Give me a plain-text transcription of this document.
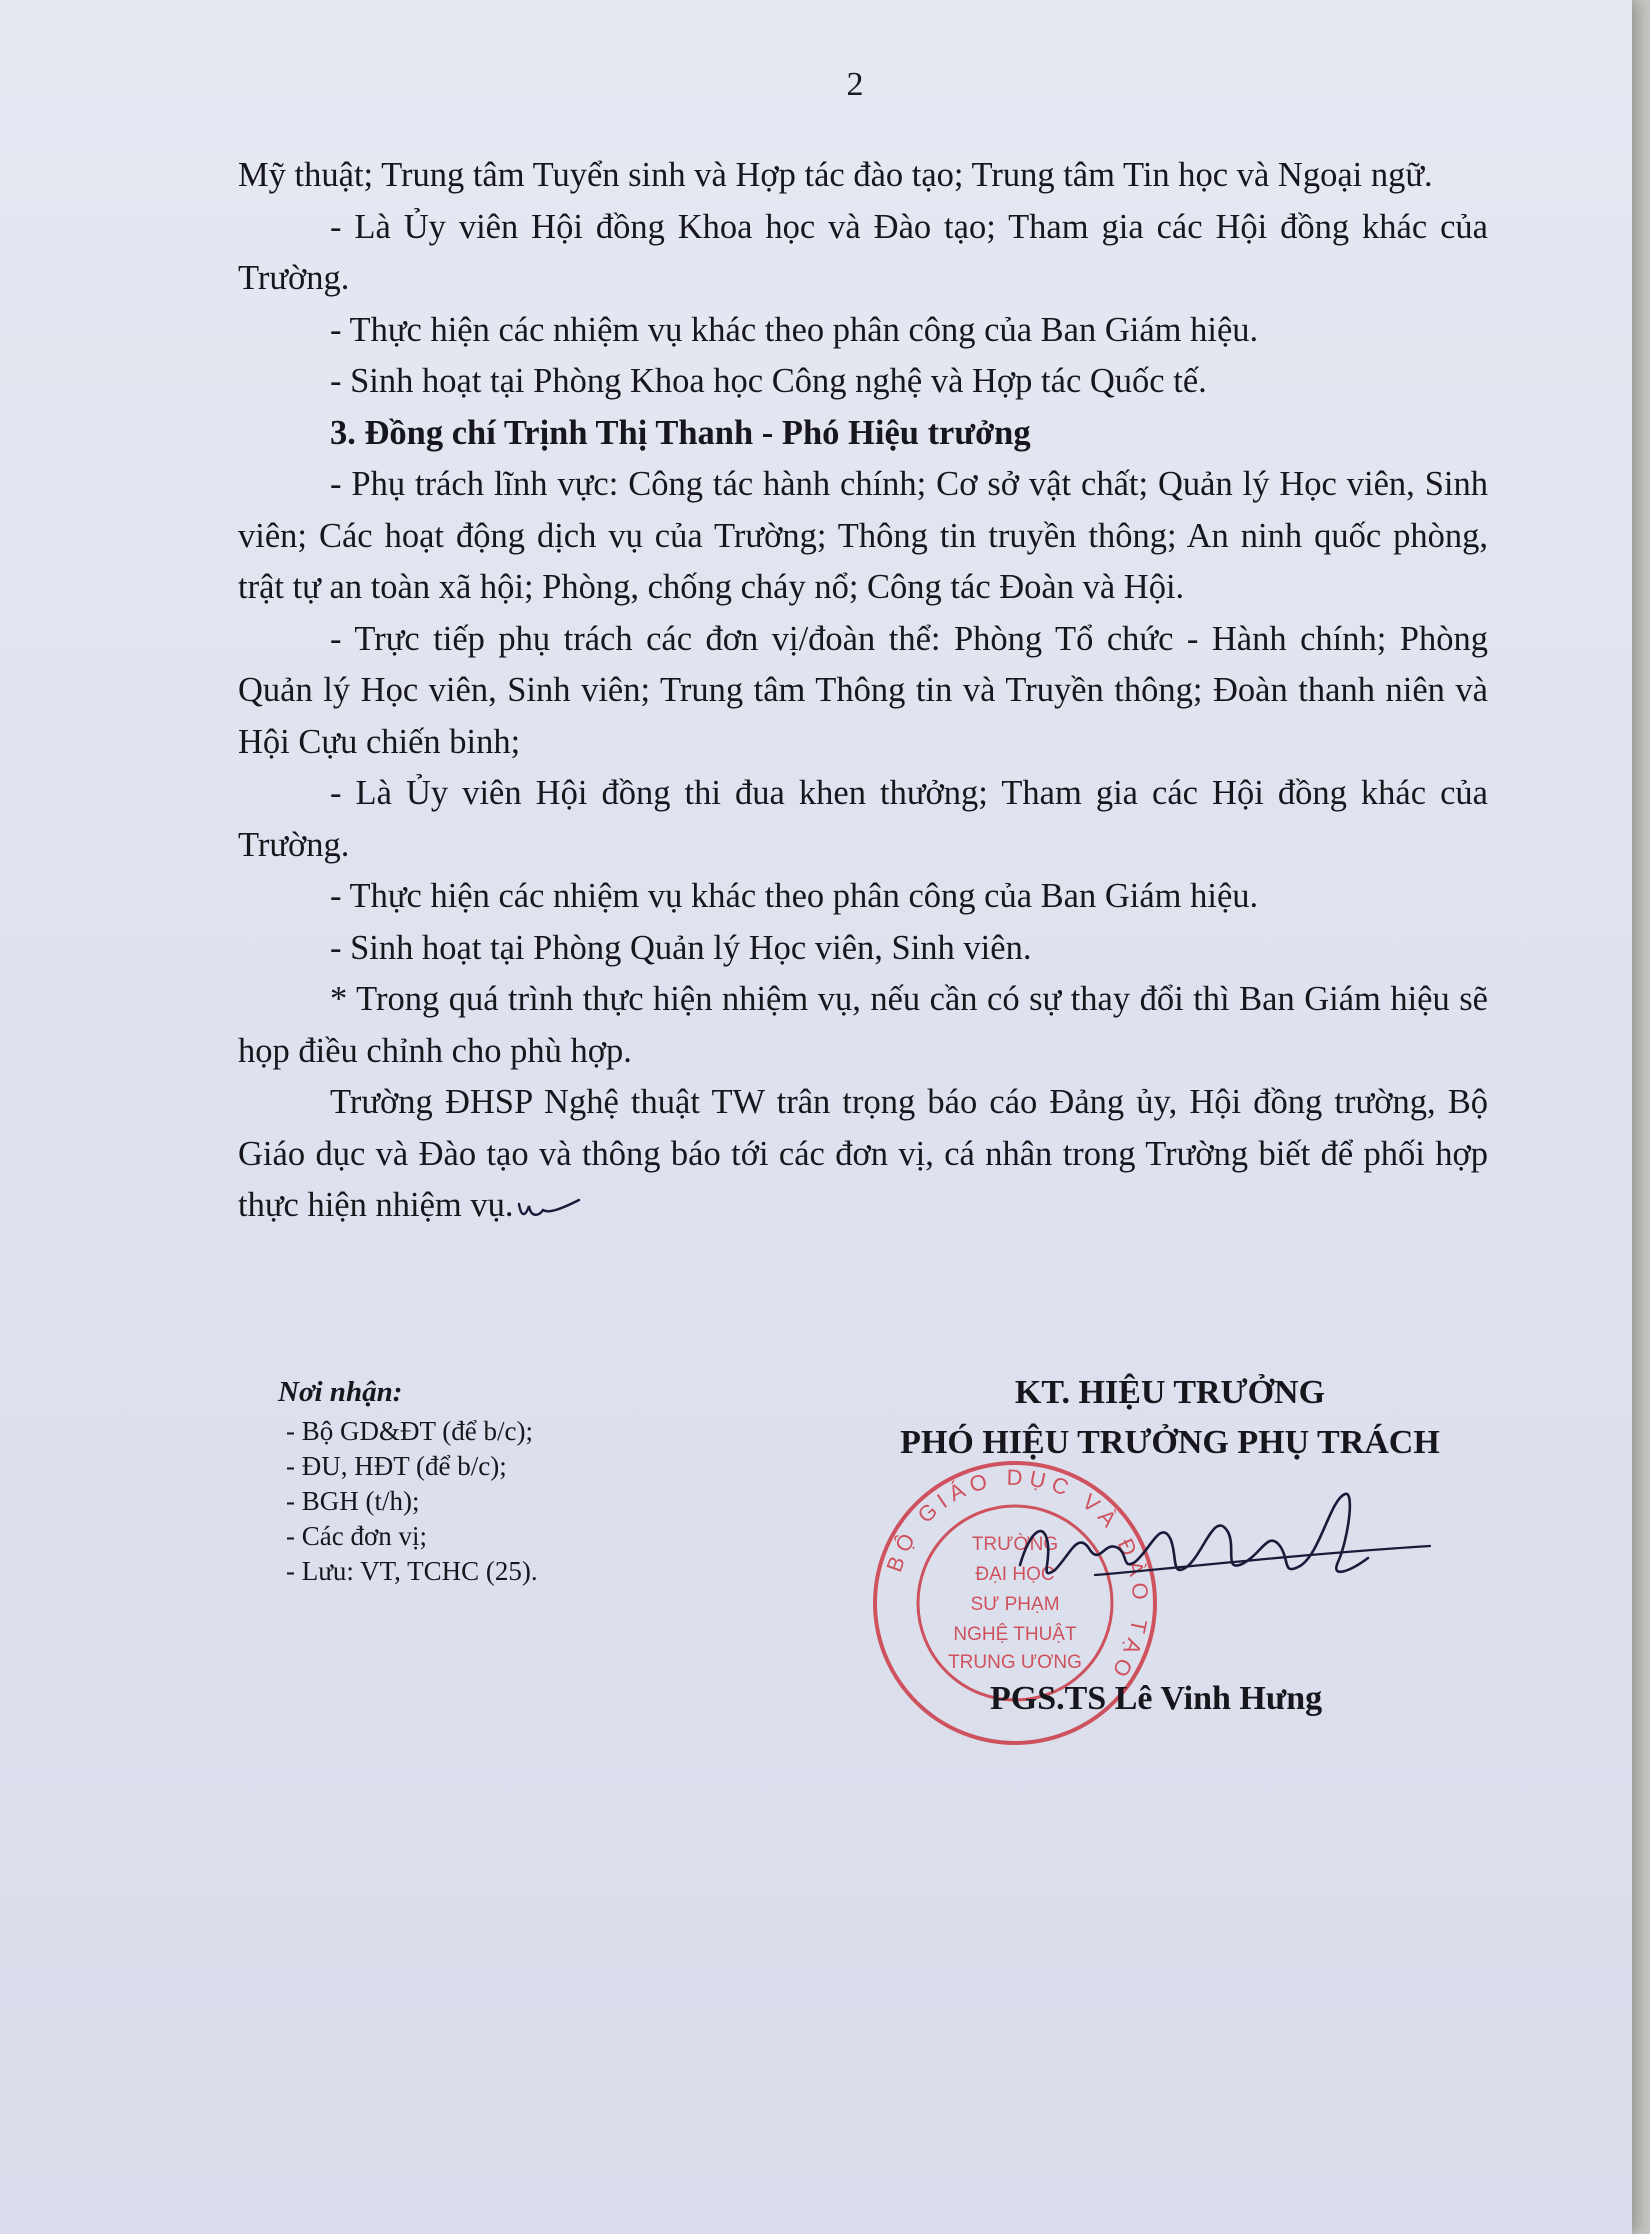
2

Mỹ thuật; Trung tâm Tuyển sinh và Hợp tác đào tạo; Trung tâm Tin học và Ngoại ngữ.

- Là Ủy viên Hội đồng Khoa học và Đào tạo; Tham gia các Hội đồng khác của Trường.

- Thực hiện các nhiệm vụ khác theo phân công của Ban Giám hiệu.

- Sinh hoạt tại Phòng Khoa học Công nghệ và Hợp tác Quốc tế.

3. Đồng chí Trịnh Thị Thanh - Phó Hiệu trưởng

- Phụ trách lĩnh vực: Công tác hành chính; Cơ sở vật chất; Quản lý Học viên, Sinh viên; Các hoạt động dịch vụ của Trường; Thông tin truyền thông; An ninh quốc phòng, trật tự an toàn xã hội; Phòng, chống cháy nổ; Công tác Đoàn và Hội.

- Trực tiếp phụ trách các đơn vị/đoàn thể: Phòng Tổ chức - Hành chính; Phòng Quản lý Học viên, Sinh viên; Trung tâm Thông tin và Truyền thông; Đoàn thanh niên và Hội Cựu chiến binh;

- Là Ủy viên Hội đồng thi đua khen thưởng; Tham gia các Hội đồng khác của Trường.

- Thực hiện các nhiệm vụ khác theo phân công của Ban Giám hiệu.

- Sinh hoạt tại Phòng Quản lý Học viên, Sinh viên.

* Trong quá trình thực hiện nhiệm vụ, nếu cần có sự thay đổi thì Ban Giám hiệu sẽ họp điều chỉnh cho phù hợp.

Trường ĐHSP Nghệ thuật TW trân trọng báo cáo Đảng ủy, Hội đồng trường, Bộ Giáo dục và Đào tạo và thông báo tới các đơn vị, cá nhân trong Trường biết để phối hợp thực hiện nhiệm vụ.

Nơi nhận:
- Bộ GD&ĐT (để b/c);
- ĐU, HĐT (để b/c);
- BGH (t/h);
- Các đơn vị;
- Lưu: VT, TCHC (25).
KT. HIỆU TRƯỞNG
PHÓ HIỆU TRƯỞNG PHỤ TRÁCH
BỘ GIÁO DỤC VÀ ĐÀO TẠO
TRƯỜNG
ĐẠI HỌC
SƯ PHẠM
NGHỆ THUẬT
TRUNG ƯƠNG
PGS.TS Lê Vinh Hưng
